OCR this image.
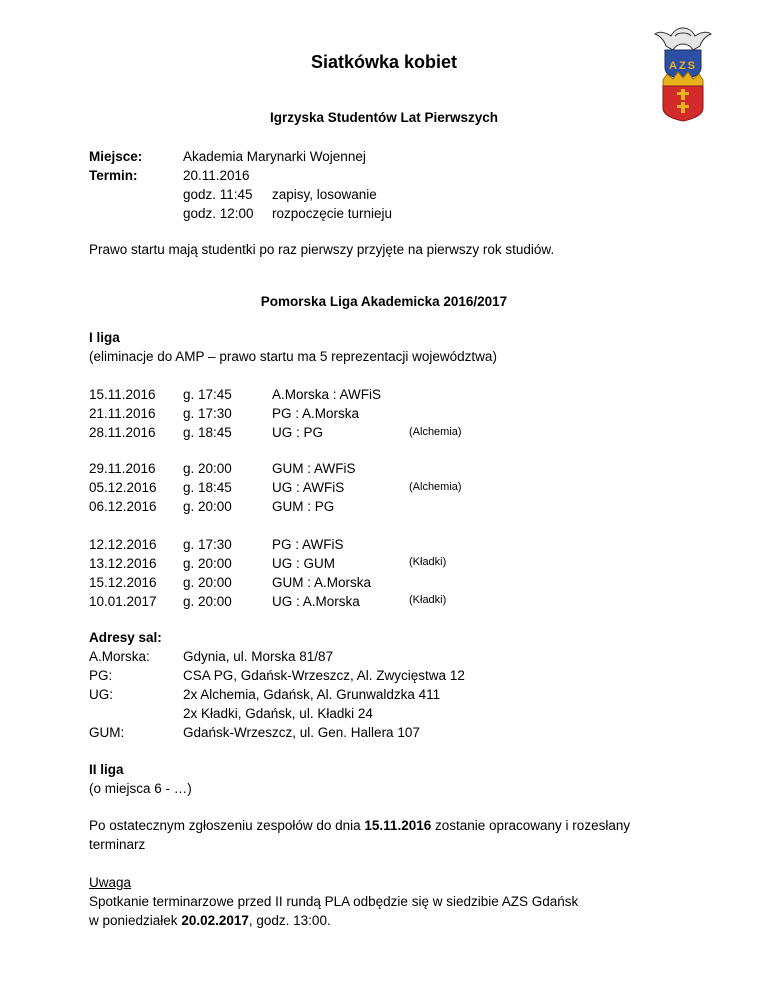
AZS
Siatkówka kobiet
Igrzyska Studentów Lat Pierwszych
Miejsce:
Termin:
Akademia Marynarki Wojennej
20.11.2016
godz. 11:45
godz. 12:00
zapisy, losowanie
rozpoczęcie turnieju
Prawo startu mają studentki po raz pierwszy przyjęte na pierwszy rok studiów.
Pomorska Liga Akademicka 2016/2017
I liga
(eliminacje do AMP – prawo startu ma 5 reprezentacji województwa)
15.11.2016
21.11.2016
28.11.2016
g. 17:45
g. 17:30
g. 18:45
A.Morska : AWFiS
PG : A.Morska
UG : PG	(Alchemia)
29.11.2016
05.12.2016
06.12.2016
g. 20:00
g. 18:45
g. 20:00
GUM : AWFiS
UG : AWFiS
GUM : PG
(Alchemia)
12.12.2016
13.12.2016
15.12.2016
10.01.2017
g. 17:30
g. 20:00
g. 20:00
g. 20:00
PG : AWFiS
UG : GUM
GUM : A.Morska
UG : A.Morska
(Kładki)
(Kładki)
Adresy sal:
A.Morska:
PG:
UG:
GUM:
Gdynia, ul. Morska 81/87
CSA PG, Gdańsk-Wrzeszcz, Al. Zwycięstwa 12
2x Alchemia, Gdańsk, Al. Grunwaldzka 411
2x Kładki, Gdańsk, ul. Kładki 24
Gdańsk-Wrzeszcz, ul. Gen. Hallera 107
II liga
(o miejsca 6 - …)
Po ostatecznym zgłoszeniu zespołów do dnia 15.11.2016 zostanie opracowany i rozesłany
terminarz
Uwaga
Spotkanie terminarzowe przed II rundą PLA odbędzie się w siedzibie AZS Gdańsk
w poniedziałek 20.02.2017, godz. 13:00.
